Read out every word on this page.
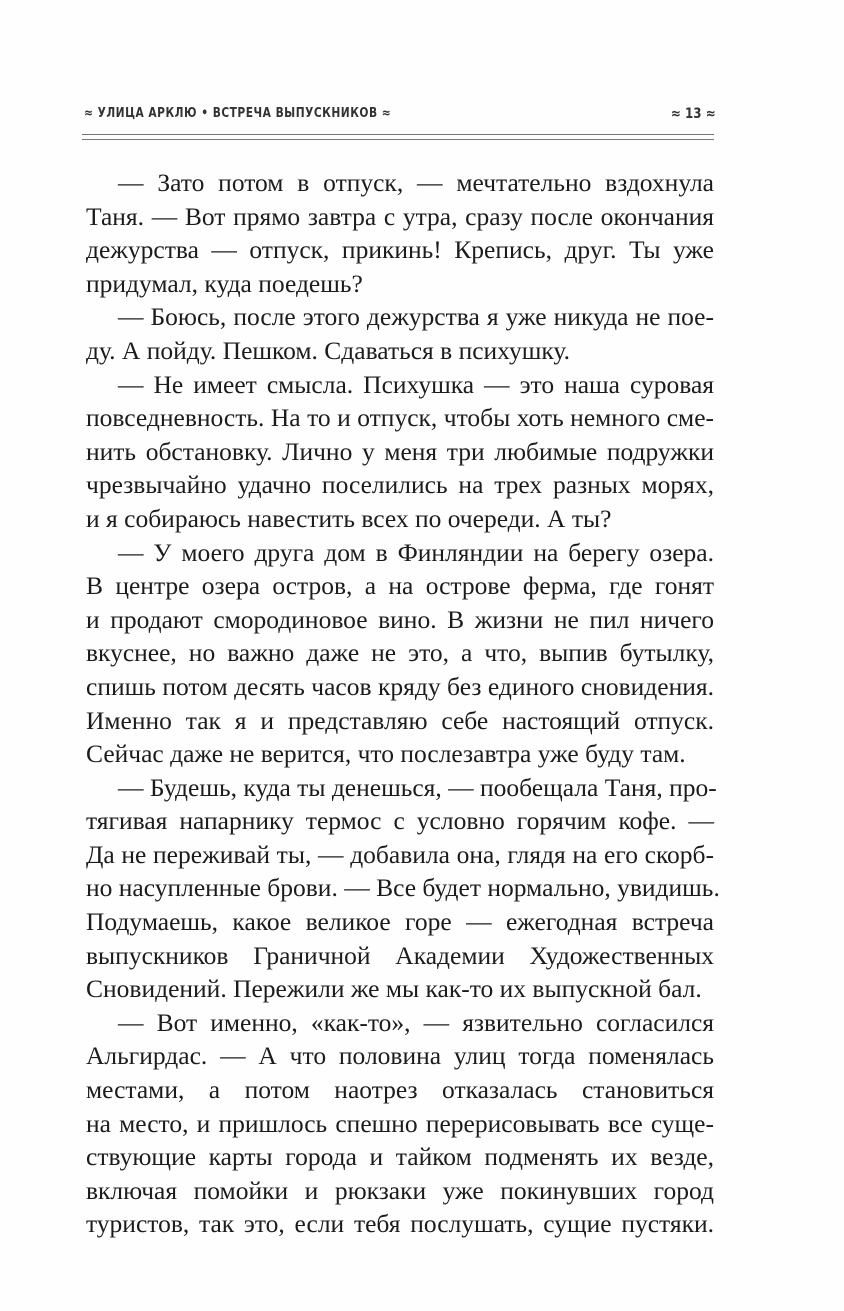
≈ УЛИЦА АРКЛЮ • ВСТРЕЧА ВЫПУСКНИКОВ ≈	≈ 13 ≈
— Зато потом в отпуск, — мечтательно вздохнула
Таня. — Вот прямо завтра с утра, сразу после окончания
дежурства — отпуск, прикинь! Крепись, друг. Ты уже
придумал, куда поедешь?
— Боюсь, после этого дежурства я уже никуда не пое-
ду. А пойду. Пешком. Сдаваться в психушку.
— Не имеет смысла. Психушка — это наша суровая
повседневность. На то и отпуск, чтобы хоть немного сме-
нить обстановку. Лично у меня три любимые подружки
чрезвычайно удачно поселились на трех разных морях,
и я собираюсь навестить всех по очереди. А ты?
— У моего друга дом в Финляндии на берегу озера.
В центре озера остров, а на острове ферма, где гонят
и продают смородиновое вино. В жизни не пил ничего
вкуснее, но важно даже не это, а что, выпив бутылку,
спишь потом десять часов кряду без единого сновидения.
Именно так я и представляю себе настоящий отпуск.
Сейчас даже не верится, что послезавтра уже буду там.
— Будешь, куда ты денешься, — пообещала Таня, про-
тягивая напарнику термос с условно горячим кофе. —
Да не переживай ты, — добавила она, глядя на его скорб-
но насупленные брови. — Все будет нормально, увидишь.
Подумаешь, какое великое горе — ежегодная встреча
выпускников Граничной Академии Художественных
Сновидений. Пережили же мы как-то их выпускной бал.
— Вот именно, «как-то», — язвительно согласился
Альгирдас. — А что половина улиц тогда поменялась
местами, а потом наотрез отказалась становиться
на место, и пришлось спешно перерисовывать все суще-
ствующие карты города и тайком подменять их везде,
включая помойки и рюкзаки уже покинувших город
туристов, так это, если тебя послушать, сущие пустяки.
